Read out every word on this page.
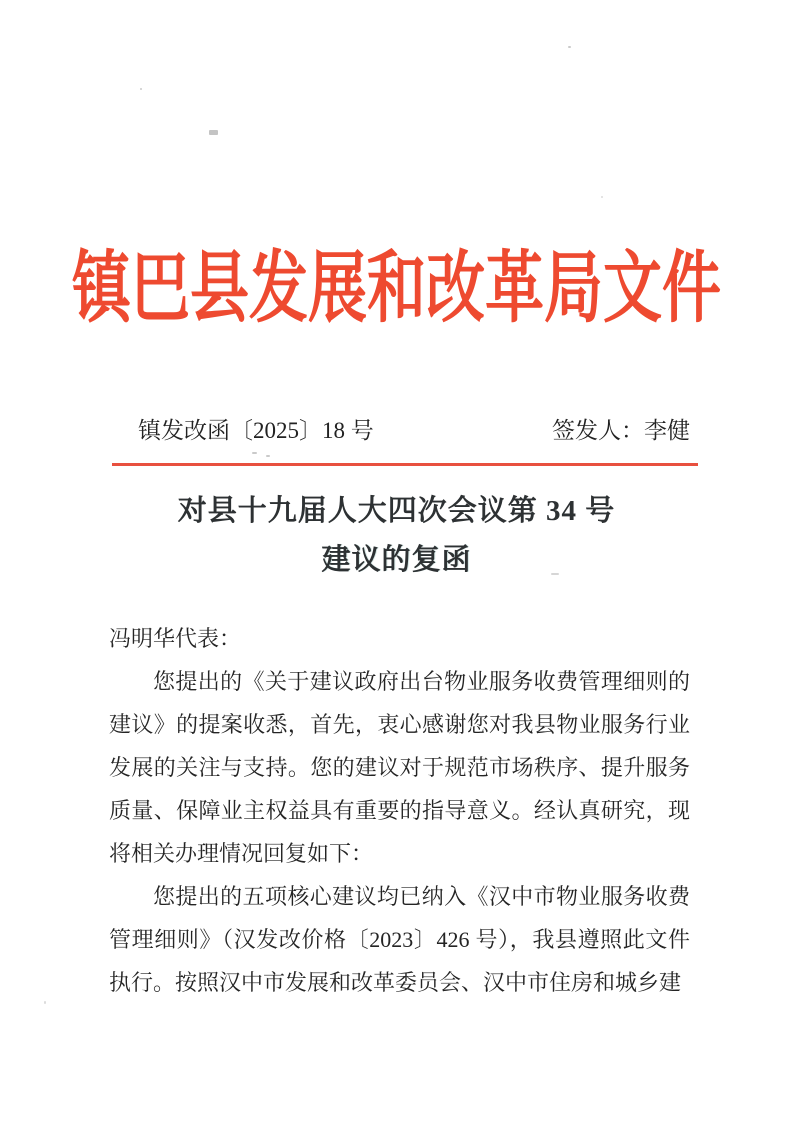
镇巴县发展和改革局文件
镇发改函〔2025〕18 号	签发人：李健
对县十九届人大四次会议第 34 号
建议的复函
冯明华代表：

您提出的《关于建议政府出台物业服务收费管理细则的建议》的提案收悉，首先，衷心感谢您对我县物业服务行业发展的关注与支持。您的建议对于规范市场秩序、提升服务质量、保障业主权益具有重要的指导意义。经认真研究，现将相关办理情况回复如下：

您提出的五项核心建议均已纳入《汉中市物业服务收费管理细则》（汉发改价格〔2023〕426 号），我县遵照此文件执行。按照汉中市发展和改革委员会、汉中市住房和城乡建
